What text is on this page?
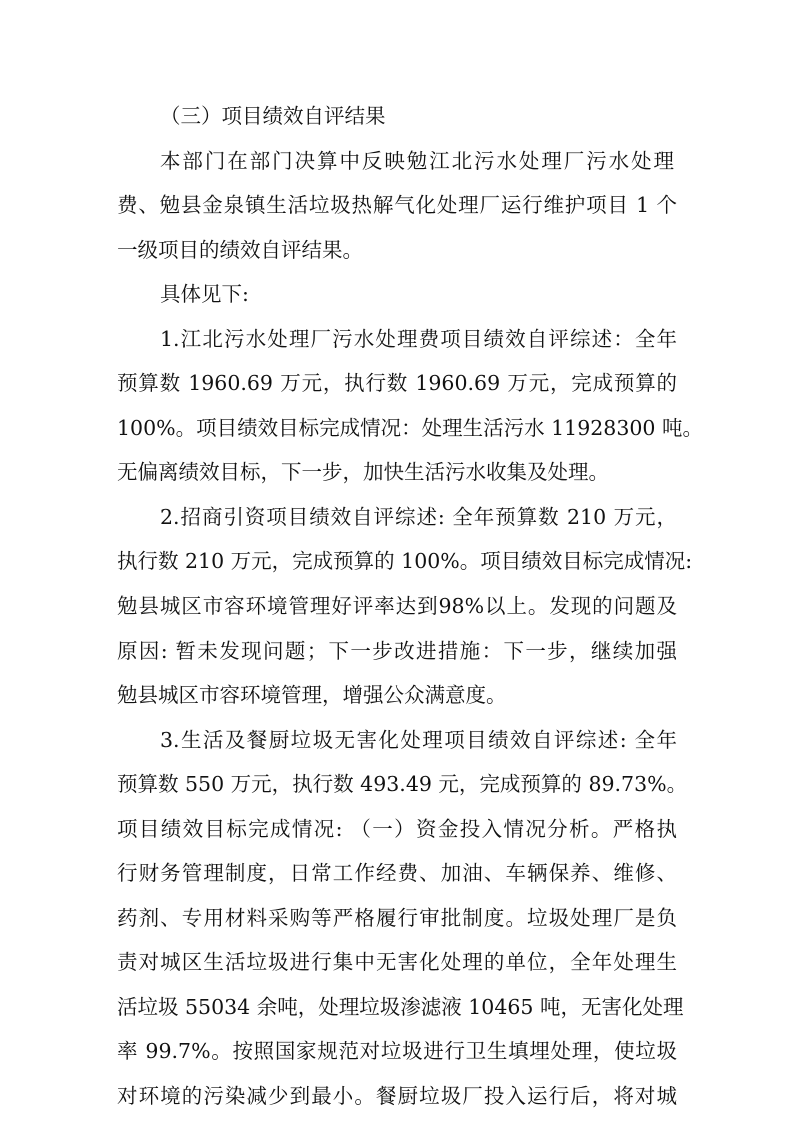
（三）项目绩效自评结果
本部门在部门决算中反映勉江北污水处理厂污水处理
费、勉县金泉镇生活垃圾热解气化处理厂运行维护项目 1 个
一级项目的绩效自评结果。
具体见下:
1.江北污水处理厂污水处理费项目绩效自评综述：全年
预算数 1960.69 万元，执行数 1960.69 万元，完成预算的
100%。项目绩效目标完成情况：处理生活污水 11928300 吨。
无偏离绩效目标，下一步，加快生活污水收集及处理。
2.招商引资项目绩效自评综述: 全年预算数 210 万元，
执行数 210 万元，完成预算的 100%。项目绩效目标完成情况:
勉县城区市容环境管理好评率达到98%以上。发现的问题及
原因: 暂未发现问题；下一步改进措施：下一步，继续加强
勉县城区市容环境管理，增强公众满意度。
3.生活及餐厨垃圾无害化处理项目绩效自评综述: 全年
预算数 550 万元，执行数 493.49 元，完成预算的 89.73%。
项目绩效目标完成情况: （一）资金投入情况分析。严格执
行财务管理制度，日常工作经费、加油、车辆保养、维修、
药剂、专用材料采购等严格履行审批制度。垃圾处理厂是负
责对城区生活垃圾进行集中无害化处理的单位，全年处理生
活垃圾 55034 余吨，处理垃圾渗滤液 10465 吨，无害化处理
率 99.7%。按照国家规范对垃圾进行卫生填埋处理，使垃圾
对环境的污染减少到最小。餐厨垃圾厂投入运行后，将对城
